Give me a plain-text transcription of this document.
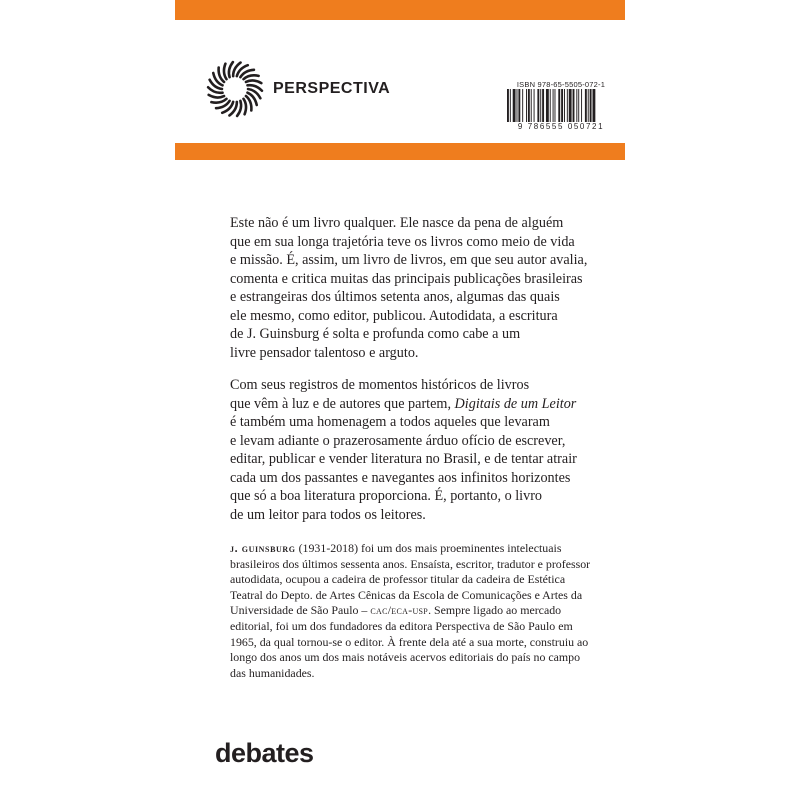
PERSPECTIVA	ISBN 978-65-5505-072-1
9 786555 050721

Este não é um livro qualquer. Ele nasce da pena de alguém
que em sua longa trajetória teve os livros como meio de vida
e missão. É, assim, um livro de livros, em que seu autor avalia,
comenta e critica muitas das principais publicações brasileiras
e estrangeiras dos últimos setenta anos, algumas das quais
ele mesmo, como editor, publicou. Autodidata, a escritura
de J. Guinsburg é solta e profunda como cabe a um
livre pensador talentoso e arguto.

Com seus registros de momentos históricos de livros
que vêm à luz e de autores que partem, Digitais de um Leitor
é também uma homenagem a todos aqueles que levaram
e levam adiante o prazerosamente árduo ofício de escrever,
editar, publicar e vender literatura no Brasil, e de tentar atrair
cada um dos passantes e navegantes aos infinitos horizontes
que só a boa literatura proporciona. É, portanto, o livro
de um leitor para todos os leitores.

j. guinsburg (1931-2018) foi um dos mais proeminentes intelectuais
brasileiros dos últimos sessenta anos. Ensaísta, escritor, tradutor e professor
autodidata, ocupou a cadeira de professor titular da cadeira de Estética
Teatral do Depto. de Artes Cênicas da Escola de Comunicações e Artes da
Universidade de São Paulo – cac/eca-usp. Sempre ligado ao mercado
editorial, foi um dos fundadores da editora Perspectiva de São Paulo em
1965, da qual tornou-se o editor. À frente dela até a sua morte, construiu ao
longo dos anos um dos mais notáveis acervos editoriais do país no campo
das humanidades.
debates
